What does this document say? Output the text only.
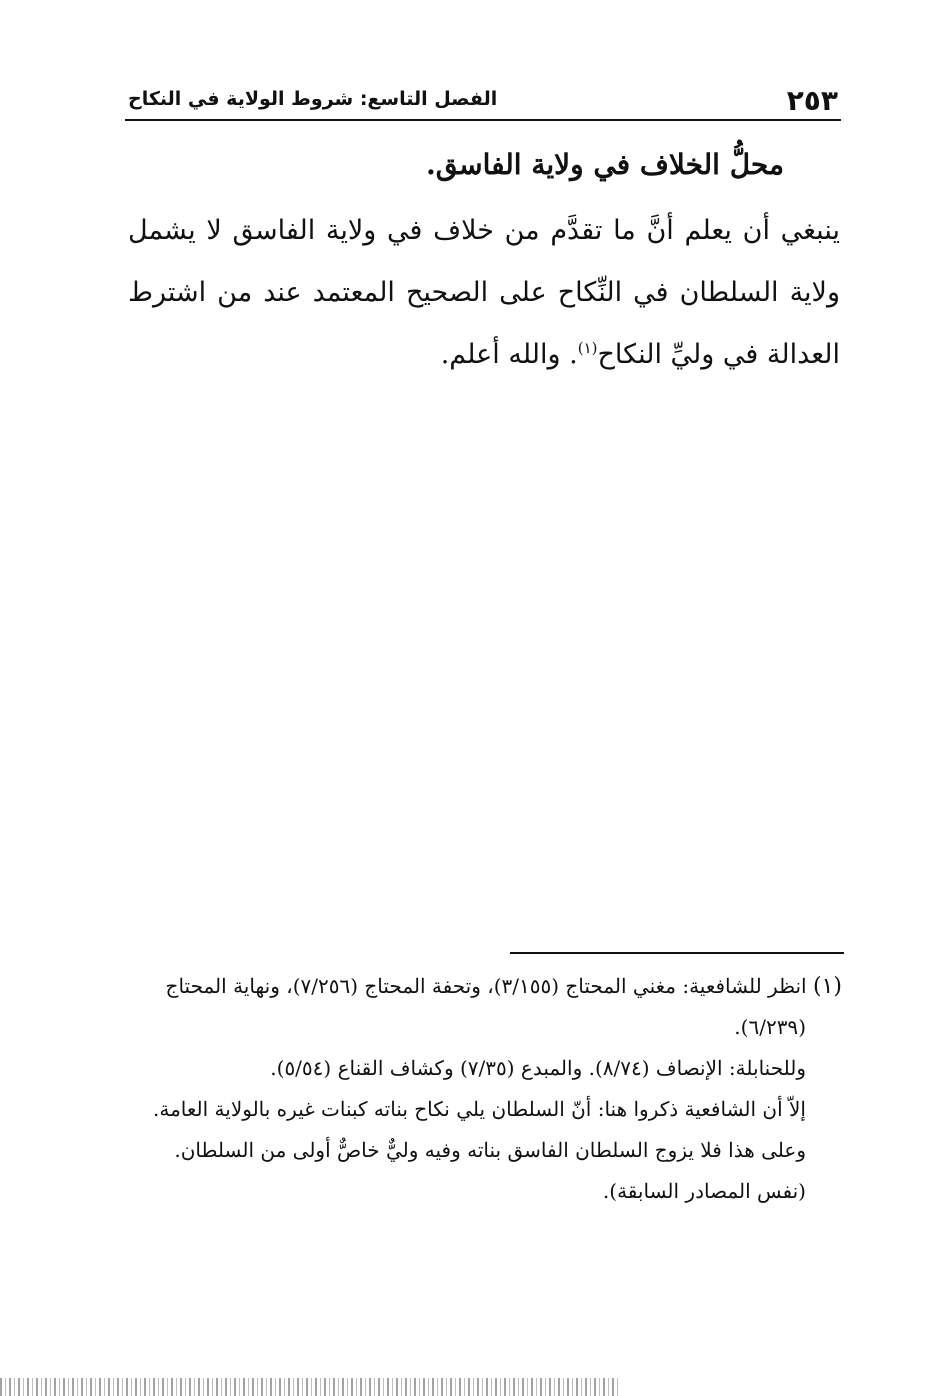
٢٥٣
الفصل التاسع: شروط الولاية في النكاح
محلُّ الخلاف في ولاية الفاسق.
ينبغي أن يعلم أنَّ ما تقدَّم من خلاف في ولاية الفاسق لا يشمل ولاية السلطان في النِّكاح على الصحيح المعتمد عند من اشترط العدالة في وليِّ النكاح$^{(١)}$. والله أعلم.
(١) انظر للشافعية: مغني المحتاج (٣/١٥٥)، وتحفة المحتاج (٧/٢٥٦)، ونهاية المحتاج
(٦/٢٣٩).
وللحنابلة: الإنصاف (٨/٧٤). والمبدع (٧/٣٥) وكشاف القناع (٥/٥٤).
إلاّ أن الشافعية ذكروا هنا: أنّ السلطان يلي نكاح بناته كبنات غيره بالولاية العامة.
وعلى هذا فلا يزوج السلطان الفاسق بناته وفيه وليٌّ خاصٌّ أولى من السلطان.
(نفس المصادر السابقة).
